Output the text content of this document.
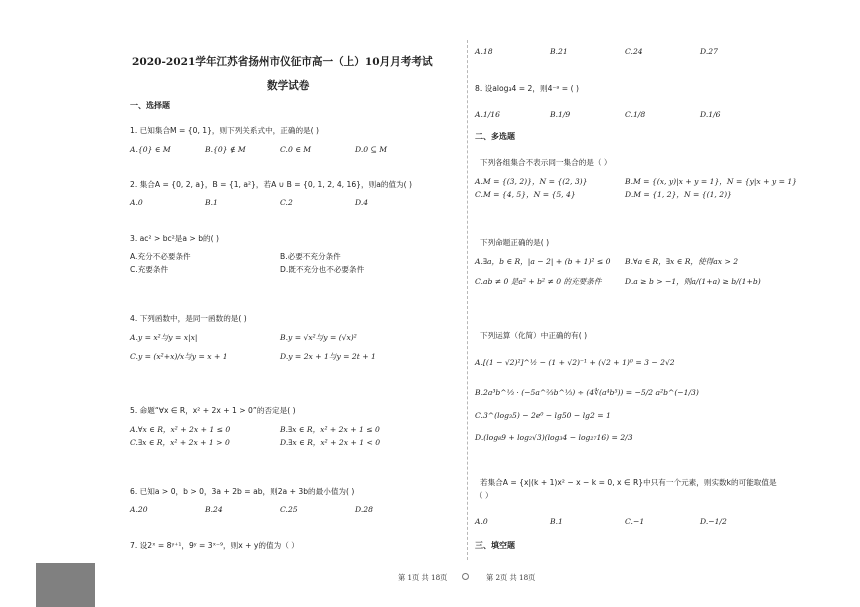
2020-2021学年江苏省扬州市仪征市高一（上）10月月考考试
数学试卷
一、选择题
1. 已知集合M = {0, 1}，则下列关系式中，正确的是( )
A.{0} ∈ M	B.{0} ∉ M	C.0 ∈ M	D.0 ⊆ M
2. 集合A = {0, 2, a}，B = {1, a²}，若A ∪ B = {0, 1, 2, 4, 16}，则a的值为( )
A.0	B.1	C.2	D.4
3. ac² > bc²是a > b的( )
A.充分不必要条件	B.必要不充分条件
C.充要条件	D.既不充分也不必要条件
4. 下列函数中，是同一函数的是( )
A.y = x²与y = x|x|	B.y = √x²与y = (√x)²
C.y = (x²+x)/x与y = x + 1	D.y = 2x + 1与y = 2t + 1
5. 命题“∀x ∈ R，x² + 2x + 1 > 0”的否定是( )
A.∀x ∈ R，x² + 2x + 1 ≤ 0	B.∃x ∈ R，x² + 2x + 1 ≤ 0
C.∃x ∈ R，x² + 2x + 1 > 0	D.∃x ∈ R，x² + 2x + 1 < 0
6. 已知a > 0，b > 0，3a + 2b = ab，则2a + 3b的最小值为( )
A.20	B.24	C.25	D.28
7. 设2ˣ = 8ʸ⁺¹，9ʸ = 3ˣ⁻⁹，则x + y的值为（ ）
A.18	B.21	C.24	D.27
8. 设alog₃4 = 2，则4⁻ᵃ = ( )
A.1/16	B.1/9	C.1/8	D.1/6
二、多选题
下列各组集合不表示同一集合的是（ ）
A.M = {(3, 2)}，N = {(2, 3)}	B.M = {(x, y)|x + y = 1}，N = {y|x + y = 1}
C.M = {4, 5}，N = {5, 4}	D.M = {1, 2}，N = {(1, 2)}
下列命题正确的是( )
A.∃a，b ∈ R，|a − 2| + (b + 1)² ≤ 0 B.∀a ∈ R，∃x ∈ R，使得ax > 2
C.ab ≠ 0 是a² + b² ≠ 0 的充要条件	D.a ≥ b > −1，则a/(1+a) ≥ b/(1+b)
下列运算（化简）中正确的有( )
A.[(1 − √2)²]^½ − (1 + √2)⁻¹ + (√2 + 1)⁰ = 3 − 2√2
B.2a³b^⅓ · (−5a^⅔b^⅓) ÷ (4∜(a⁴b⁵)) = −5/2 a²b^(−1/3)
C.3^(log₃5) − 2e⁰ − lg50 − lg2 = 1
D.(log₈9 + log₂√3)(log₃4 − log₂₇16) = 2/3
若集合A = {x|(k + 1)x² − x − k = 0, x ∈ R}中只有一个元素，则实数k的可能取值是
（ ）
A.0	B.1	C.−1	D.−1/2
三、填空题
第 1页 共 18页	第 2页 共 18页
